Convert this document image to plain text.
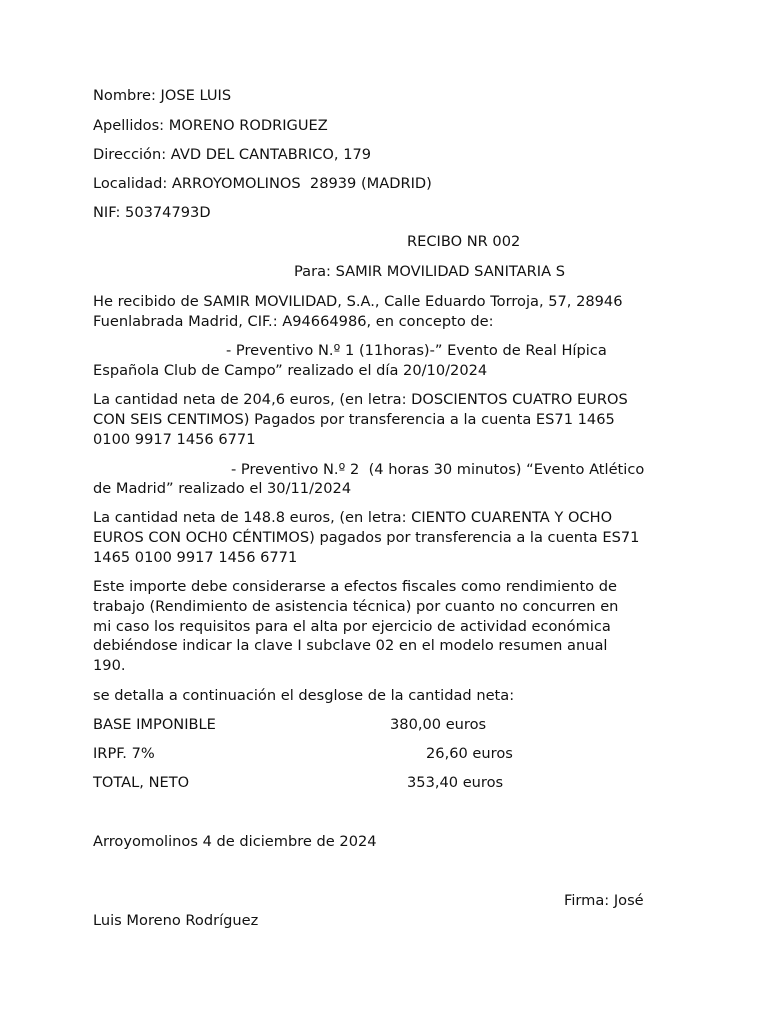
Nombre: JOSE LUIS
Apellidos: MORENO RODRIGUEZ
Dirección: AVD DEL CANTABRICO, 179
Localidad: ARROYOMOLINOS  28939 (MADRID)
NIF: 50374793D
RECIBO NR 002
Para: SAMIR MOVILIDAD SANITARIA S
He recibido de SAMIR MOVILIDAD, S.A., Calle Eduardo Torroja, 57, 28946
Fuenlabrada Madrid, CIF.: A94664986, en concepto de:
- Preventivo N.º 1 (11horas)-” Evento de Real Hípica
Española Club de Campo” realizado el día 20/10/2024
La cantidad neta de 204,6 euros, (en letra: DOSCIENTOS CUATRO EUROS
CON SEIS CENTIMOS) Pagados por transferencia a la cuenta ES71 1465
0100 9917 1456 6771
- Preventivo N.º 2  (4 horas 30 minutos) “Evento Atlético
de Madrid” realizado el 30/11/2024
La cantidad neta de 148.8 euros, (en letra: CIENTO CUARENTA Y OCHO
EUROS CON OCH0 CÉNTIMOS) pagados por transferencia a la cuenta ES71
1465 0100 9917 1456 6771
Este importe debe considerarse a efectos fiscales como rendimiento de
trabajo (Rendimiento de asistencia técnica) por cuanto no concurren en
mi caso los requisitos para el alta por ejercicio de actividad económica
debiéndose indicar la clave I subclave 02 en el modelo resumen anual
190.
se detalla a continuación el desglose de la cantidad neta:
BASE IMPONIBLE	380,00 euros
IRPF. 7%	26,60 euros
TOTAL, NETO	353,40 euros
Arroyomolinos 4 de diciembre de 2024
Firma: José
Luis Moreno Rodríguez
